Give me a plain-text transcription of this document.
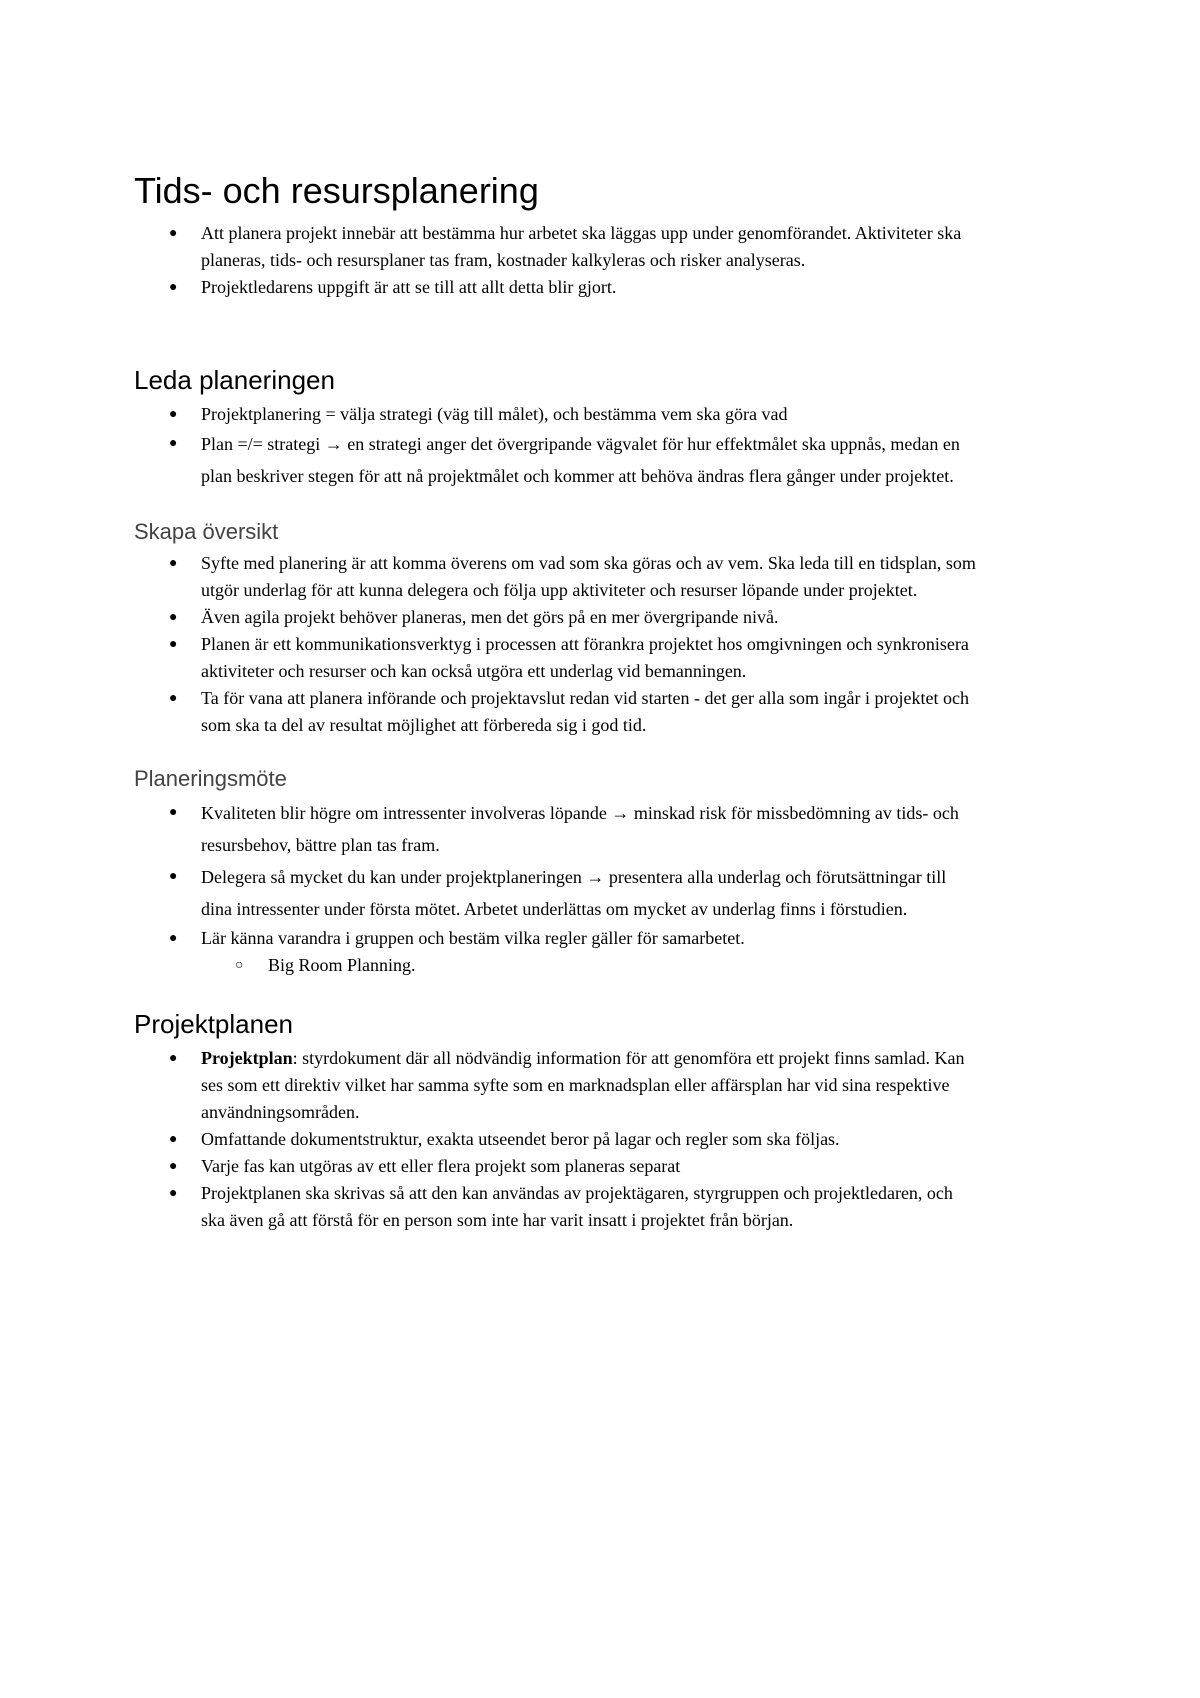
Tids- och resursplanering
● Att planera projekt innebär att bestämma hur arbetet ska läggas upp under genomförandet. Aktiviteter ska planeras, tids- och resursplaner tas fram, kostnader kalkyleras och risker analyseras.
● Projektledarens uppgift är att se till att allt detta blir gjort.
Leda planeringen
● Projektplanering = välja strategi (väg till målet), och bestämma vem ska göra vad
● Plan =/= strategi → en strategi anger det övergripande vägvalet för hur effektmålet ska uppnås, medan en plan beskriver stegen för att nå projektmålet och kommer att behöva ändras flera gånger under projektet.
Skapa översikt
● Syfte med planering är att komma överens om vad som ska göras och av vem. Ska leda till en tidsplan, som utgör underlag för att kunna delegera och följa upp aktiviteter och resurser löpande under projektet.
● Även agila projekt behöver planeras, men det görs på en mer övergripande nivå.
● Planen är ett kommunikationsverktyg i processen att förankra projektet hos omgivningen och synkronisera aktiviteter och resurser och kan också utgöra ett underlag vid bemanningen.
● Ta för vana att planera införande och projektavslut redan vid starten - det ger alla som ingår i projektet och som ska ta del av resultat möjlighet att förbereda sig i god tid.
Planeringsmöte
● Kvaliteten blir högre om intressenter involveras löpande → minskad risk för missbedömning av tids- och resursbehov, bättre plan tas fram.
● Delegera så mycket du kan under projektplaneringen → presentera alla underlag och förutsättningar till dina intressenter under första mötet. Arbetet underlättas om mycket av underlag finns i förstudien.
● Lär känna varandra i gruppen och bestäm vilka regler gäller för samarbetet.
○ Big Room Planning.
Projektplanen
● Projektplan: styrdokument där all nödvändig information för att genomföra ett projekt finns samlad. Kan ses som ett direktiv vilket har samma syfte som en marknadsplan eller affärsplan har vid sina respektive användningsområden.
● Omfattande dokumentstruktur, exakta utseendet beror på lagar och regler som ska följas.
● Varje fas kan utgöras av ett eller flera projekt som planeras separat
● Projektplanen ska skrivas så att den kan användas av projektägaren, styrgruppen och projektledaren, och ska även gå att förstå för en person som inte har varit insatt i projektet från början.
